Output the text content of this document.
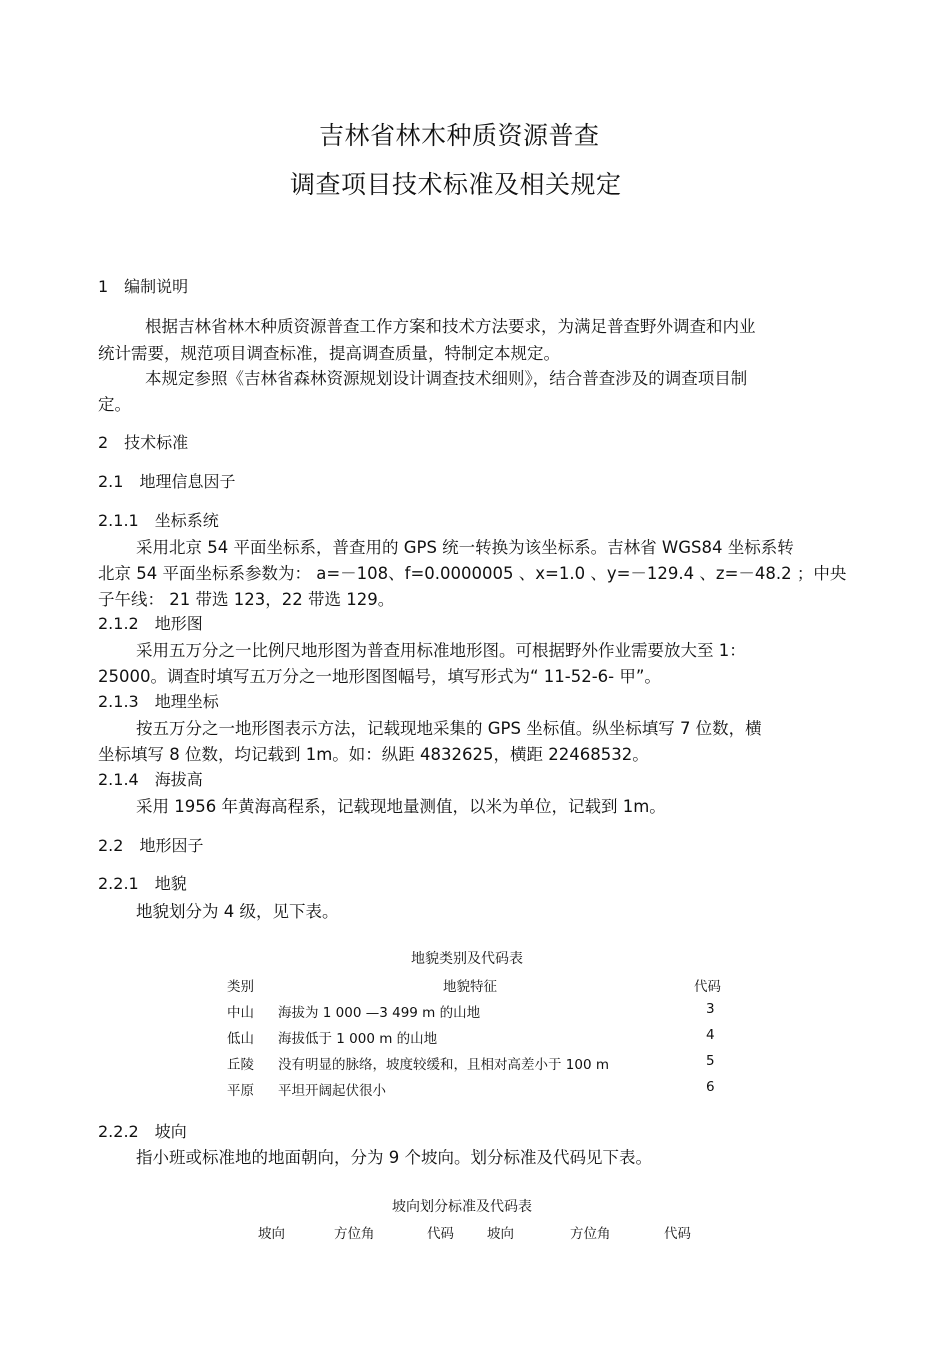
吉林省林木种质资源普查
调查项目技术标准及相关规定
1　编制说明
根据吉林省林木种质资源普查工作方案和技术方法要求，为满足普查野外调查和内业
统计需要，规范项目调查标准，提高调查质量，特制定本规定。
本规定参照《吉林省森林资源规划设计调查技术细则》，结合普查涉及的调查项目制
定。
2　技术标准
2.1　地理信息因子
2.1.1　坐标系统
采用北京 54 平面坐标系，普查用的 GPS 统一转换为该坐标系。吉林省 WGS84 坐标系转
北京 54 平面坐标系参数为： a=－108、f=0.0000005 、x=1.0 、y=－129.4 、z=－48.2 ；中央
子午线： 21 带选 123，22 带选 129。
2.1.2　地形图
采用五万分之一比例尺地形图为普查用标准地形图。可根据野外作业需要放大至 1：
25000。调查时填写五万分之一地形图图幅号，填写形式为“ 11-52-6- 甲”。
2.1.3　地理坐标
按五万分之一地形图表示方法，记载现地采集的 GPS 坐标值。纵坐标填写 7 位数，横
坐标填写 8 位数，均记载到 1m。如：纵距 4832625，横距 22468532。
2.1.4　海拔高
采用 1956 年黄海高程系，记载现地量测值，以米为单位，记载到 1m。
2.2　地形因子
2.2.1　地貌
地貌划分为 4 级，见下表。
地貌类别及代码表
类别	地貌特征	代码
中山 海拔为 1 000 —3 499 m 的山地	3
低山 海拔低于 1 000 m 的山地	4
丘陵 没有明显的脉络，坡度较缓和，且相对高差小于 100 m	5
平原 平坦开阔起伏很小	6
2.2.2　坡向
指小班或标准地的地面朝向，分为 9 个坡向。划分标准及代码见下表。
坡向划分标准及代码表
坡向	方位角	代码 坡向	方位角	代码
